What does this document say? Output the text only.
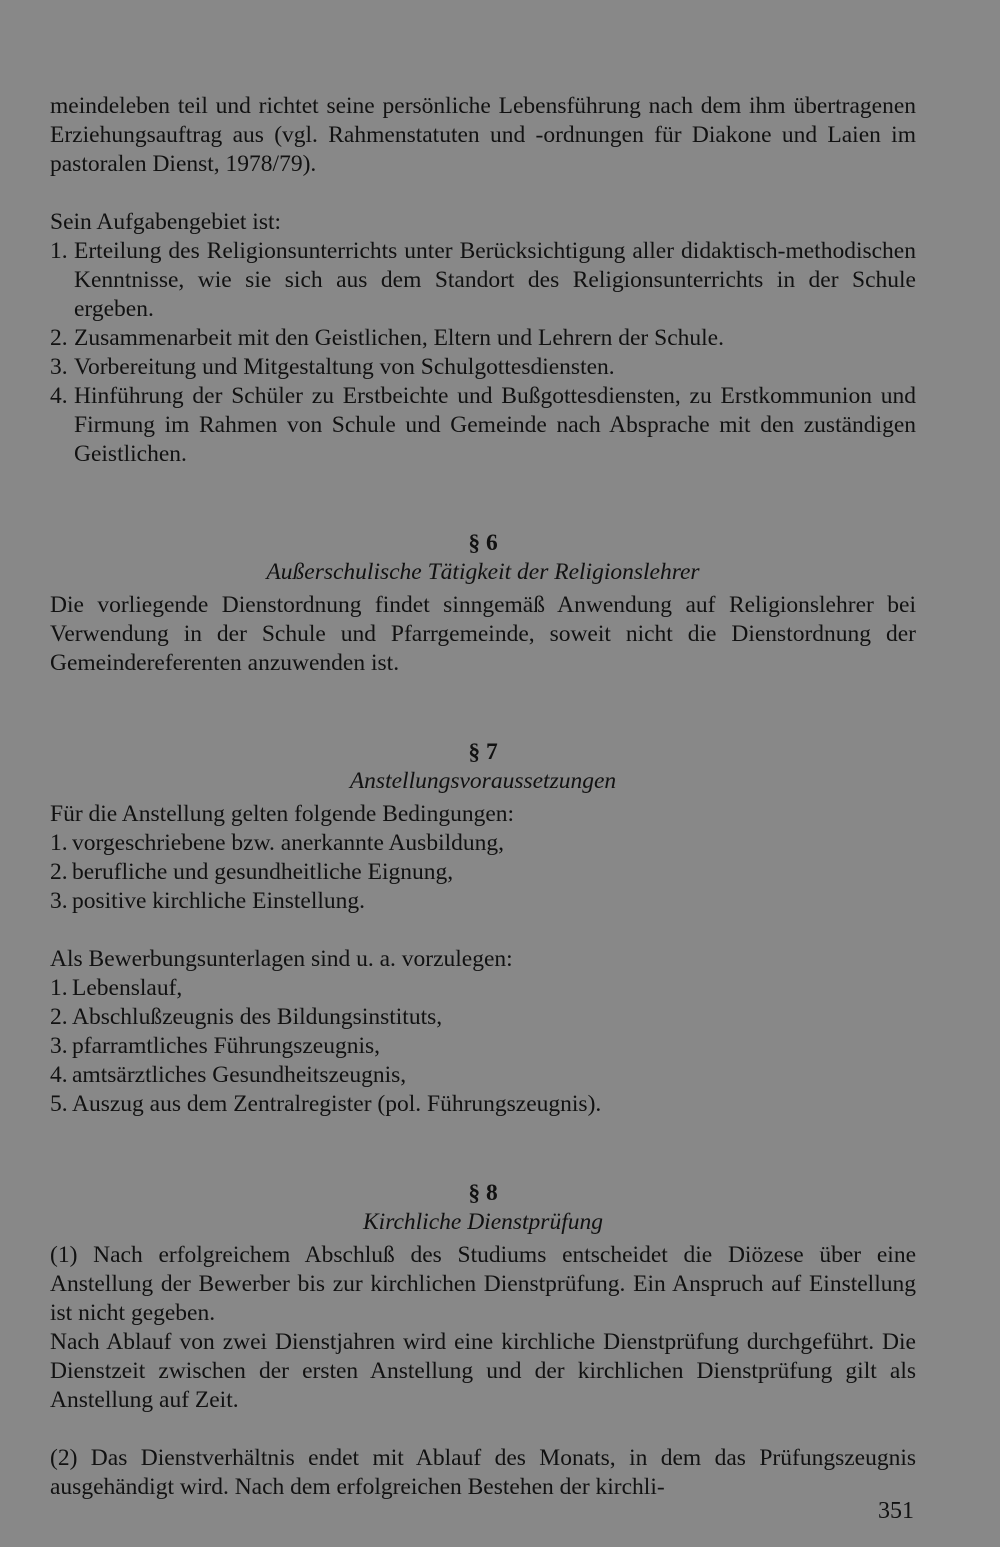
meindeleben teil und richtet seine persönliche Lebensführung nach dem ihm übertragenen Erziehungsauftrag aus (vgl. Rahmenstatuten und -ordnungen für Diakone und Laien im pastoralen Dienst, 1978/79).

Sein Aufgabengebiet ist:

1. Erteilung des Religionsunterrichts unter Berücksichtigung aller didaktisch-methodischen Kenntnisse, wie sie sich aus dem Standort des Religionsunterrichts in der Schule ergeben.
2. Zusammenarbeit mit den Geistlichen, Eltern und Lehrern der Schule.
3. Vorbereitung und Mitgestaltung von Schulgottesdiensten.
4. Hinführung der Schüler zu Erstbeichte und Bußgottesdiensten, zu Erstkommunion und Firmung im Rahmen von Schule und Gemeinde nach Absprache mit den zuständigen Geistlichen.
§ 6
Außerschulische Tätigkeit der Religionslehrer

Die vorliegende Dienstordnung findet sinngemäß Anwendung auf Religionslehrer bei Verwendung in der Schule und Pfarrgemeinde, soweit nicht die Dienstordnung der Gemeindereferenten anzuwenden ist.

§ 7
Anstellungsvoraussetzungen

Für die Anstellung gelten folgende Bedingungen:

1. vorgeschriebene bzw. anerkannte Ausbildung,
2. berufliche und gesundheitliche Eignung,
3. positive kirchliche Einstellung.

Als Bewerbungsunterlagen sind u. a. vorzulegen:

1. Lebenslauf,
2. Abschlußzeugnis des Bildungsinstituts,
3. pfarramtliches Führungszeugnis,
4. amtsärztliches Gesundheitszeugnis,
5. Auszug aus dem Zentralregister (pol. Führungszeugnis).
§ 8
Kirchliche Dienstprüfung

(1) Nach erfolgreichem Abschluß des Studiums entscheidet die Diözese über eine Anstellung der Bewerber bis zur kirchlichen Dienstprüfung. Ein Anspruch auf Einstellung ist nicht gegeben.

Nach Ablauf von zwei Dienstjahren wird eine kirchliche Dienstprüfung durchgeführt. Die Dienstzeit zwischen der ersten Anstellung und der kirchlichen Dienstprüfung gilt als Anstellung auf Zeit.

(2) Das Dienstverhältnis endet mit Ablauf des Monats, in dem das Prüfungszeugnis ausgehändigt wird. Nach dem erfolgreichen Bestehen der kirchli-

351
